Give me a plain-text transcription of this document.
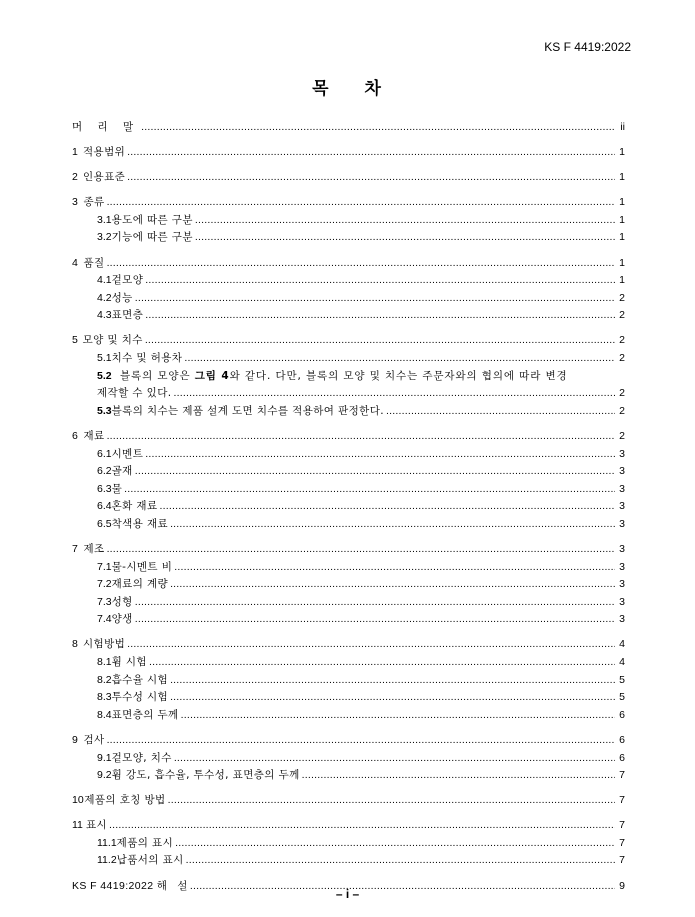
KS F 4419:2022
목 차
머 리 말 .....	ii
1 적용범위 .....	1
2 인용표준 .....	1
3 종류 .....	1
3.1 용도에 따른 구분 .....	1
3.2 기능에 따른 구분 .....	1
4 품질 .....	1
4.1 겉모양 .....	1
4.2 성능 .....	2
4.3 표면층 .....	2
5 모양 및 치수 .....	2
5.1 치수 및 허용차 .....	2
5.2 블록의 모양은 그림 4와 같다. 다만, 블록의 모양 및 치수는 주문자와의 협의에 따라 변경
제작할 수 있다. .....	2
5.3 블록의 치수는 제품 설계 도면 치수를 적용하여 판정한다. .....	2
6 재료 .....	2
6.1 시멘트 .....	3
6.2 골재 .....	3
6.3 물 .....	3
6.4 혼화 재료 .....	3
6.5 착색용 재료 .....	3
7 제조 .....	3
7.1 물-시멘트 비 .....	3
7.2 재료의 계량 .....	3
7.3 성형 .....	3
7.4 양생 .....	3
8 시험방법 .....	4
8.1 휨 시험 .....	4
8.2 흡수율 시험 .....	5
8.3 투수성 시험 .....	5
8.4 표면층의 두께 .....	6
9 검사 .....	6
9.1 겉모양, 치수 .....	6
9.2 휨 강도, 흡수율, 투수성, 표면층의 두께 .....	7
10 제품의 호칭 방법 .....	7
11 표시 .....	7
11.1 제품의 표시 .....	7
11.2 납품서의 표시 .....	7
KS F 4419:2022 해   설 .....	9
– i –
